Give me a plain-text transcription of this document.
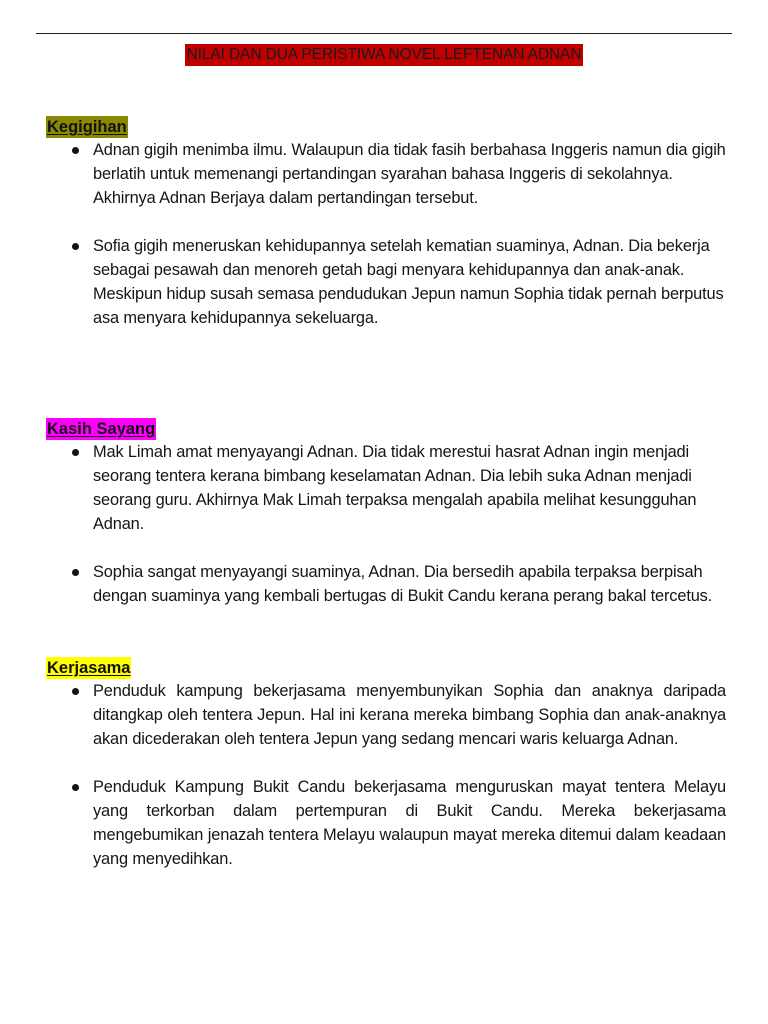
NILAI DAN DUA PERISTIWA NOVEL LEFTENAN ADNAN
Kegigihan
Adnan gigih menimba ilmu. Walaupun dia tidak fasih berbahasa Inggeris namun dia gigih berlatih untuk memenangi pertandingan syarahan bahasa Inggeris di sekolahnya. Akhirnya Adnan Berjaya dalam pertandingan tersebut.
Sofia gigih meneruskan kehidupannya setelah kematian suaminya, Adnan. Dia bekerja sebagai pesawah dan menoreh getah bagi menyara kehidupannya dan anak-anak. Meskipun hidup susah semasa pendudukan Jepun namun Sophia tidak pernah berputus asa menyara kehidupannya sekeluarga.
Kasih Sayang
Mak Limah amat menyayangi Adnan. Dia tidak merestui hasrat Adnan ingin menjadi seorang tentera kerana bimbang keselamatan Adnan. Dia lebih suka Adnan menjadi seorang guru. Akhirnya Mak Limah terpaksa mengalah apabila melihat kesungguhan Adnan.
Sophia sangat menyayangi suaminya, Adnan. Dia bersedih apabila terpaksa berpisah dengan suaminya yang kembali bertugas di Bukit Candu kerana perang bakal tercetus.
Kerjasama
Penduduk kampung bekerjasama menyembunyikan Sophia dan anaknya daripada ditangkap oleh tentera Jepun. Hal ini kerana mereka bimbang Sophia dan anak-anaknya akan dicederakan oleh tentera Jepun yang sedang mencari waris keluarga Adnan.
Penduduk Kampung Bukit Candu bekerjasama menguruskan mayat tentera Melayu yang terkorban dalam pertempuran di Bukit Candu. Mereka bekerjasama mengebumikan jenazah tentera Melayu walaupun mayat mereka ditemui dalam keadaan yang menyedihkan.
